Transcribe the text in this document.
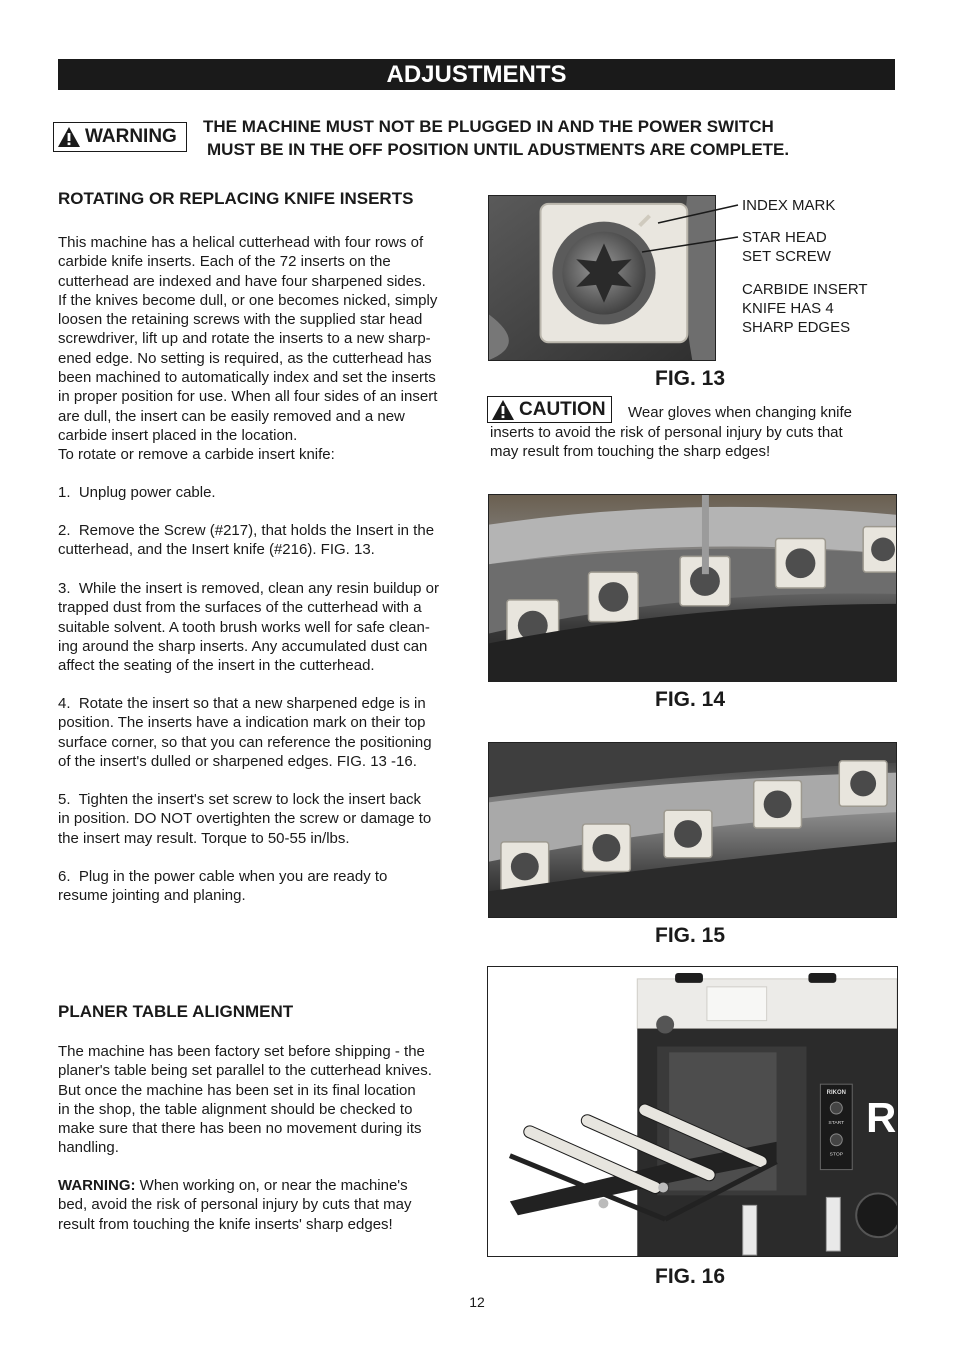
ADJUSTMENTS
WARNING THE MACHINE MUST NOT BE PLUGGED IN AND THE POWER SWITCH
MUST BE IN THE OFF POSITION UNTIL ADUSTMENTS ARE COMPLETE.
ROTATING OR REPLACING KNIFE INSERTS
This machine has a helical cutterhead with four rows of
carbide knife inserts. Each of the 72 inserts on the
cutterhead are indexed and have four sharpened sides.
If the knives become dull, or one becomes nicked, simply
loosen the retaining screws with the supplied star head
screwdriver, lift up and rotate the inserts to a new sharp-
ened edge. No setting is required, as the cutterhead has
been machined to automatically index and set the inserts
in proper position for use. When all four sides of an insert
are dull, the insert can be easily removed and a new
carbide insert placed in the location.
To rotate or remove a carbide insert knife:
1.  Unplug power cable.
2.  Remove the Screw (#217), that holds the Insert in the
cutterhead, and the Insert knife (#216). FIG. 13.
3.  While the insert is removed, clean any resin buildup or
trapped dust from the surfaces of the cutterhead with a
suitable solvent. A tooth brush works well for safe clean-
ing around the sharp inserts. Any accumulated dust can
affect the seating of the insert in the cutterhead.
4.  Rotate the insert so that a new sharpened edge is in
position. The inserts have a indication mark on their top
surface corner, so that you can reference the positioning
of the insert's dulled or sharpened edges. FIG. 13 -16.
5.  Tighten the insert's set screw to lock the insert back
in position. DO NOT overtighten the screw or damage to
the insert may result. Torque to 50-55 in/lbs.
6.  Plug in the power cable when you are ready to
resume jointing and planing.
PLANER TABLE ALIGNMENT
The machine has been factory set before shipping - the
planer's table being set parallel to the cutterhead knives.
But once the machine has been set in its final location
in the shop, the table alignment should be checked to
make sure that there has been no movement during its
handling.
WARNING: When working on, or near the machine's
bed, avoid the risk of personal injury by cuts that may
result from touching the knife inserts' sharp edges!
INDEX MARK
STAR HEAD
SET SCREW
CARBIDE INSERT
KNIFE HAS 4
SHARP EDGES
FIG. 13
CAUTION Wear gloves when changing knife
inserts to avoid the risk of personal injury by cuts that
may result from touching the sharp edges!
FIG. 14
FIG. 15
RIKON
START
STOP
R
FIG. 16
12
